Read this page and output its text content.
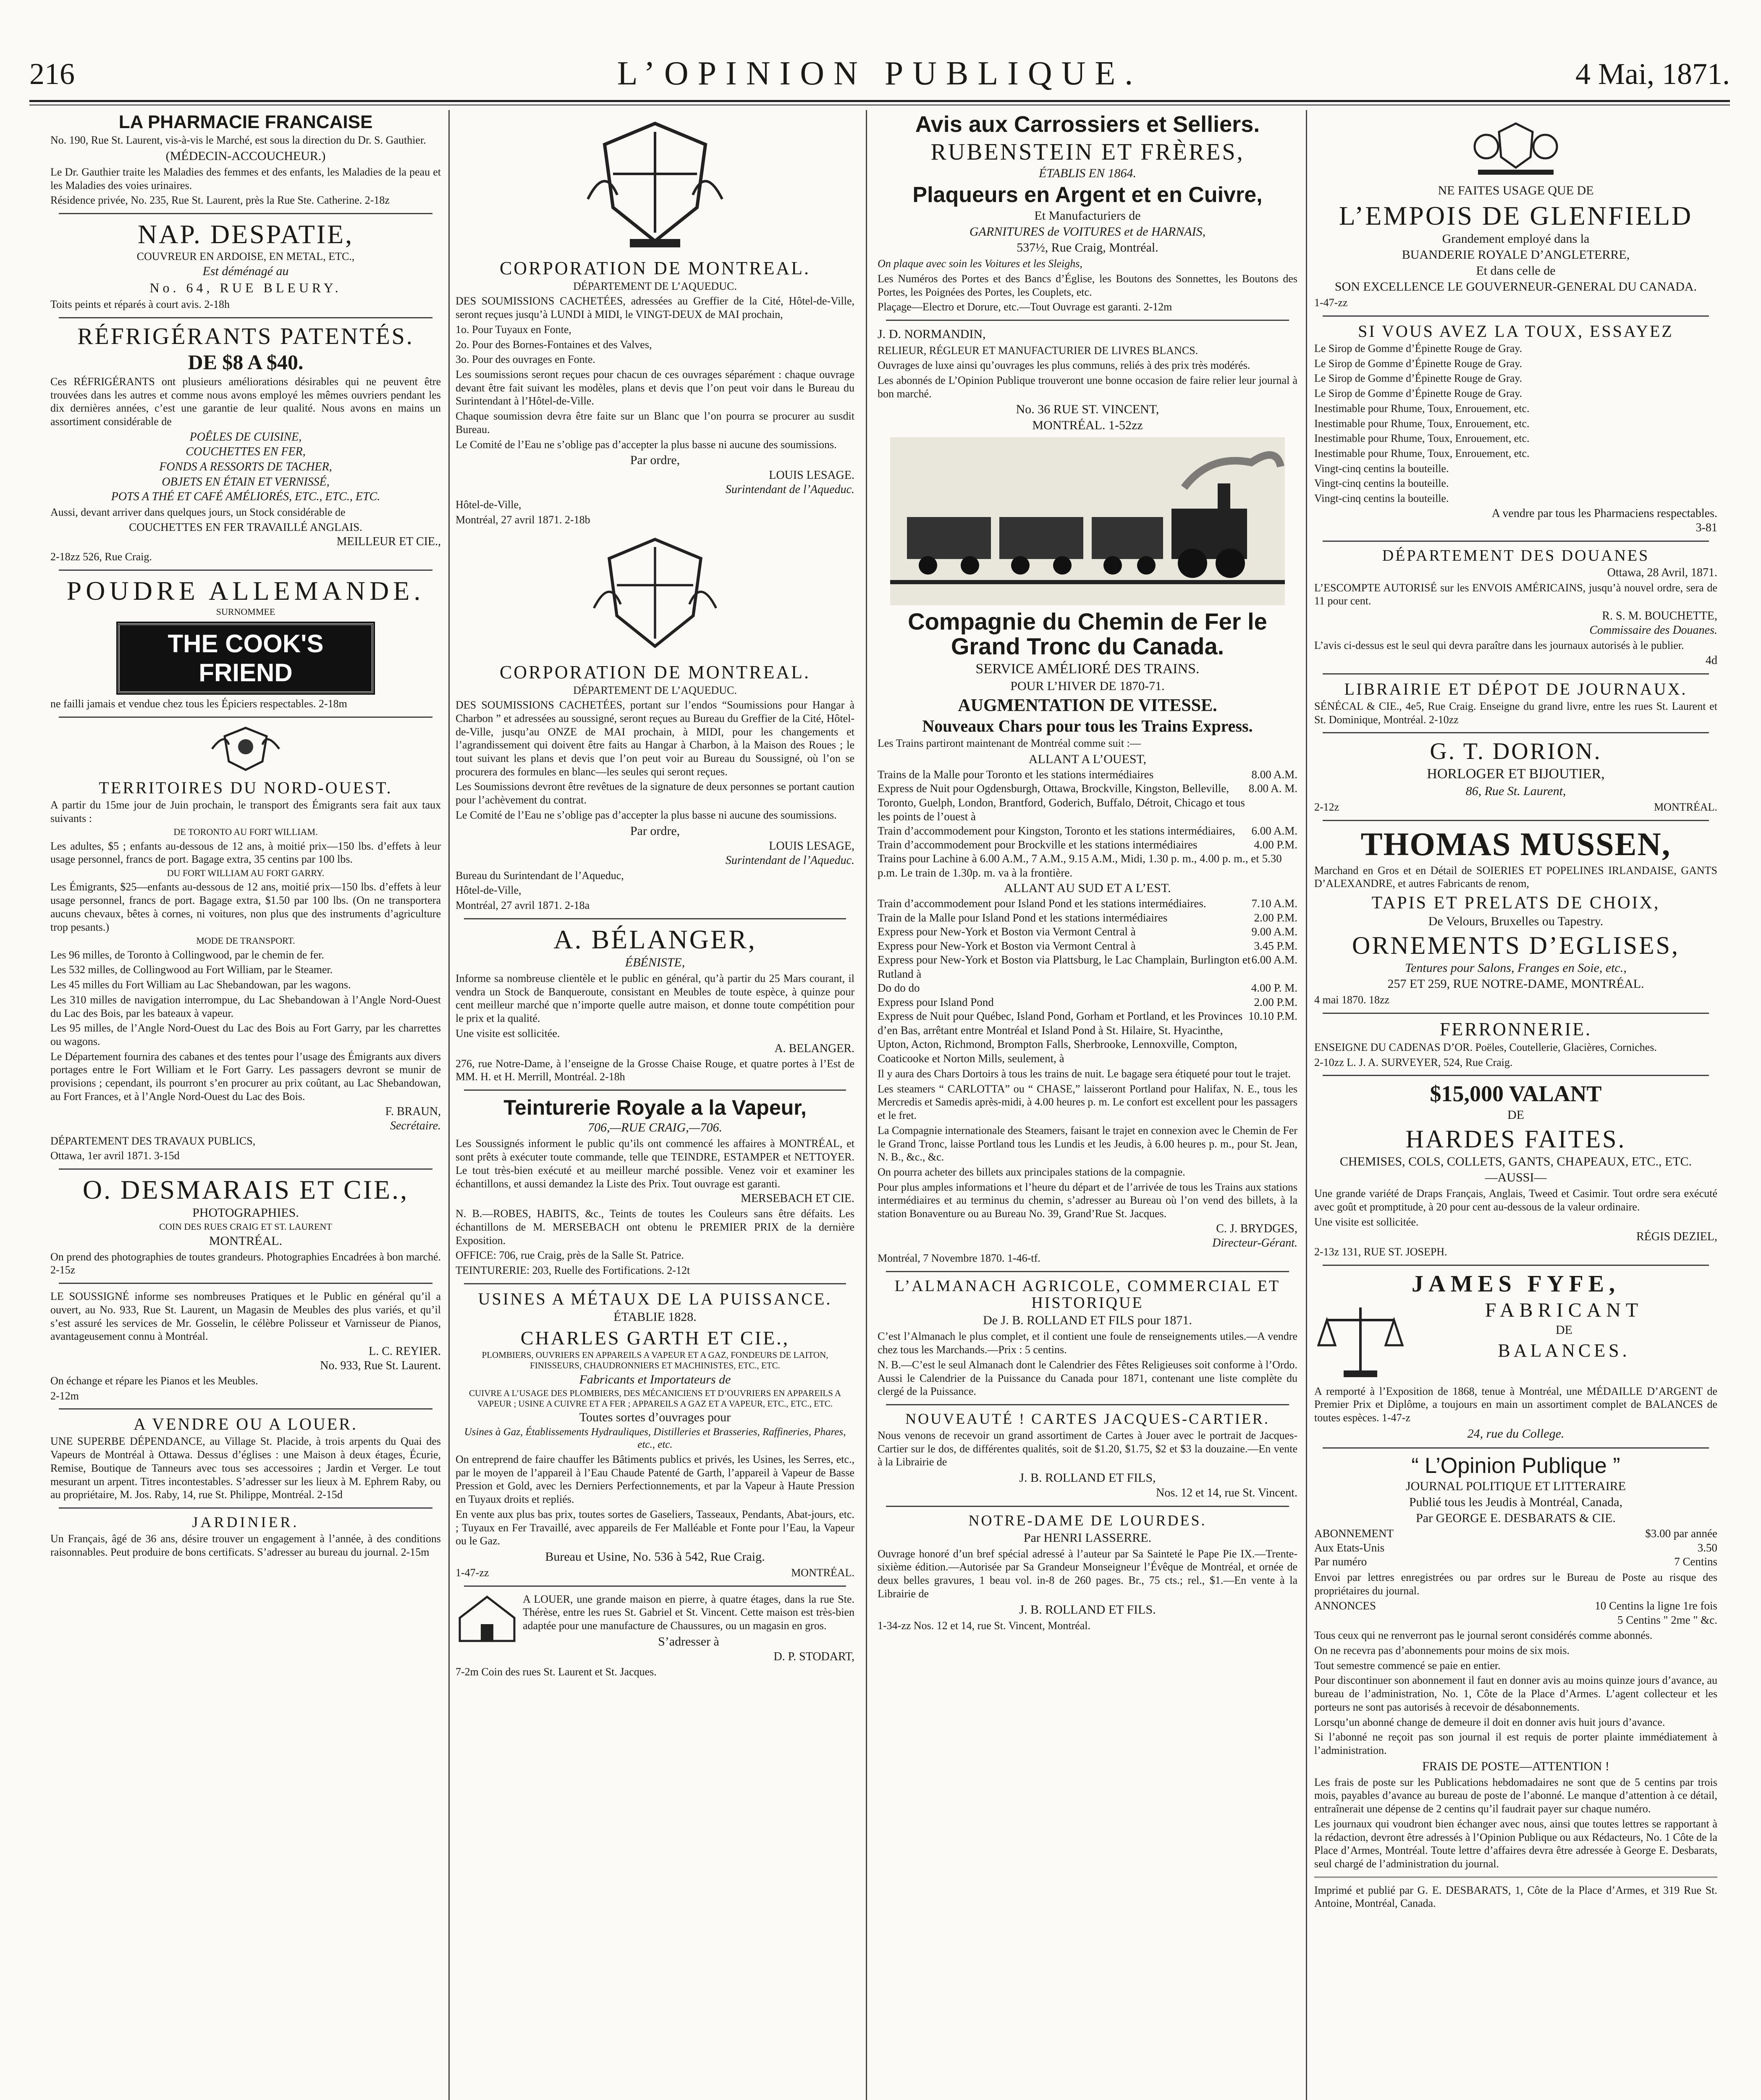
216	L’OPINION PUBLIQUE.	4 Mai, 1871.
LA PHARMACIE FRANCAISE
No. 190, Rue St. Laurent, vis-à-vis le Marché, est sous la direction du Dr. S. Gauthier.
(MÉDECIN-ACCOUCHEUR.)
Le Dr. Gauthier traite les Maladies des femmes et des enfants, les Maladies de la peau et les Maladies des voies urinaires.
Résidence privée, No. 235, Rue St. Laurent, près la Rue Ste. Catherine. 2-18z
NAP. DESPATIE,
COUVREUR EN ARDOISE, EN METAL, ETC.,
Est déménagé au
No. 64, RUE BLEURY.
Toits peints et réparés à court avis. 2-18h
RÉFRIGÉRANTS PATENTÉS.
DE $8 A $40.
Ces RÉFRIGÉRANTS ont plusieurs améliorations désirables qui ne peuvent être trouvées dans les autres et comme nous avons employé les mêmes ouvriers pendant les dix dernières années, c’est une garantie de leur qualité. Nous avons en mains un assortiment considérable de
POÊLES DE CUISINE,
COUCHETTES EN FER,
FONDS A RESSORTS DE TACHER,
OBJETS EN ÉTAIN ET VERNISSÉ,
POTS A THÉ ET CAFÉ AMÉLIORÉS, ETC., ETC., ETC.
Aussi, devant arriver dans quelques jours, un Stock considérable de
COUCHETTES EN FER TRAVAILLÉ ANGLAIS.
MEILLEUR ET CIE.,
2-18zz 526, Rue Craig.
POUDRE ALLEMANDE.
SURNOMMEE
THE COOK'S FRIEND
ne failli jamais et vendue chez tous les Épiciers respectables. 2-18m
TERRITOIRES DU NORD-OUEST.
A partir du 15me jour de Juin prochain, le transport des Émigrants sera fait aux taux suivants :
DE TORONTO AU FORT WILLIAM.
Les adultes, $5 ; enfants au-dessous de 12 ans, à moitié prix—150 lbs. d’effets à leur usage personnel, francs de port. Bagage extra, 35 centins par 100 lbs.
DU FORT WILLIAM AU FORT GARRY.
Les Émigrants, $25—enfants au-dessous de 12 ans, moitié prix—150 lbs. d’effets à leur usage personnel, francs de port. Bagage extra, $1.50 par 100 lbs. (On ne transportera aucuns chevaux, bêtes à cornes, ni voitures, non plus que des instruments d’agriculture trop pesants.)
MODE DE TRANSPORT.
Les 96 milles, de Toronto à Collingwood, par le chemin de fer.
Les 532 milles, de Collingwood au Fort William, par le Steamer.
Les 45 milles du Fort William au Lac Shebandowan, par les wagons.
Les 310 milles de navigation interrompue, du Lac Shebandowan à l’Angle Nord-Ouest du Lac des Bois, par les bateaux à vapeur.
Les 95 milles, de l’Angle Nord-Ouest du Lac des Bois au Fort Garry, par les charrettes ou wagons.
Le Département fournira des cabanes et des tentes pour l’usage des Émigrants aux divers portages entre le Fort William et le Fort Garry. Les passagers devront se munir de provisions ; cependant, ils pourront s’en procurer au prix coûtant, au Lac Shebandowan, au Fort Frances, et à l’Angle Nord-Ouest du Lac des Bois.
F. BRAUN,
Secrétaire.
DÉPARTEMENT DES TRAVAUX PUBLICS,
Ottawa, 1er avril 1871. 3-15d
O. DESMARAIS ET CIE.,
PHOTOGRAPHIES.
COIN DES RUES CRAIG ET ST. LAURENT
MONTRÉAL.
On prend des photographies de toutes grandeurs. Photographies Encadrées à bon marché. 2-15z
LE SOUSSIGNÉ informe ses nombreuses Pratiques et le Public en général qu’il a ouvert, au No. 933, Rue St. Laurent, un Magasin de Meubles des plus variés, et qu’il s’est assuré les services de Mr. Gosselin, le célèbre Polisseur et Varnisseur de Pianos, avantageusement connu à Montréal.
L. C. REYIER.
No. 933, Rue St. Laurent.
On échange et répare les Pianos et les Meubles.
2-12m
A VENDRE OU A LOUER.
UNE SUPERBE DÉPENDANCE, au Village St. Placide, à trois arpents du Quai des Vapeurs de Montréal à Ottawa. Dessus d’églises : une Maison à deux étages, Écurie, Remise, Boutique de Tanneurs avec tous ses accessoires ; Jardin et Verger. Le tout mesurant un arpent. Titres incontestables. S’adresser sur les lieux à M. Ephrem Raby, ou au propriétaire, M. Jos. Raby, 14, rue St. Philippe, Montréal. 2-15d
JARDINIER.
Un Français, âgé de 36 ans, désire trouver un engagement à l’année, à des conditions raisonnables. Peut produire de bons certificats. S’adresser au bureau du journal. 2-15m
CORPORATION DE MONTREAL.
DÉPARTEMENT DE L’AQUEDUC.
DES SOUMISSIONS CACHETÉES, adressées au Greffier de la Cité, Hôtel-de-Ville, seront reçues jusqu’à LUNDI à MIDI, le VINGT-DEUX de MAI prochain,
1o. Pour Tuyaux en Fonte,
2o. Pour des Bornes-Fontaines et des Valves,
3o. Pour des ouvrages en Fonte.
Les soumissions seront reçues pour chacun de ces ouvrages séparément : chaque ouvrage devant être fait suivant les modèles, plans et devis que l’on peut voir dans le Bureau du Surintendant à l’Hôtel-de-Ville.
Chaque soumission devra être faite sur un Blanc que l’on pourra se procurer au susdit Bureau.
Le Comité de l’Eau ne s’oblige pas d’accepter la plus basse ni aucune des soumissions.
Par ordre,
LOUIS LESAGE.
Surintendant de l’Aqueduc.
Hôtel-de-Ville,
Montréal, 27 avril 1871. 2-18b
CORPORATION DE MONTREAL.
DÉPARTEMENT DE L’AQUEDUC.
DES SOUMISSIONS CACHETÉES, portant sur l’endos “Soumissions pour Hangar à Charbon ” et adressées au soussigné, seront reçues au Bureau du Greffier de la Cité, Hôtel-de-Ville, jusqu’au ONZE de MAI prochain, à MIDI, pour les changements et l’agrandissement qui doivent être faits au Hangar à Charbon, à la Maison des Roues ; le tout suivant les plans et devis que l’on peut voir au Bureau du Soussigné, où l’on se procurera des formules en blanc—les seules qui seront reçues.
Les Soumissions devront être revêtues de la signature de deux personnes se portant caution pour l’achèvement du contrat.
Le Comité de l’Eau ne s’oblige pas d’accepter la plus basse ni aucune des soumissions.
Par ordre,
LOUIS LESAGE,
Surintendant de l’Aqueduc.
Bureau du Surintendant de l’Aqueduc,
Hôtel-de-Ville,
Montréal, 27 avril 1871. 2-18a
A. BÉLANGER,
ÉBÉNISTE,
Informe sa nombreuse clientèle et le public en général, qu’à partir du 25 Mars courant, il vendra un Stock de Banqueroute, consistant en Meubles de toute espèce, à quinze pour cent meilleur marché que n’importe quelle autre maison, et donne toute compétition pour le prix et la qualité.
Une visite est sollicitée.
A. BELANGER.
276, rue Notre-Dame, à l’enseigne de la Grosse Chaise Rouge, et quatre portes à l’Est de MM. H. et H. Merrill, Montréal. 2-18h
Teinturerie Royale a la Vapeur,
706,—RUE CRAIG,—706.
Les Soussignés informent le public qu’ils ont commencé les affaires à MONTRÉAL, et sont prêts à exécuter toute commande, telle que TEINDRE, ESTAMPER et NETTOYER. Le tout très-bien exécuté et au meilleur marché possible. Venez voir et examiner les échantillons, et aussi demandez la Liste des Prix. Tout ouvrage est garanti.
MERSEBACH ET CIE.
N. B.—ROBES, HABITS, &c., Teints de toutes les Couleurs sans être défaits. Les échantillons de M. MERSEBACH ont obtenu le PREMIER PRIX de la dernière Exposition.
OFFICE: 706, rue Craig, près de la Salle St. Patrice.
TEINTURERIE: 203, Ruelle des Fortifications. 2-12t
USINES A MÉTAUX DE LA PUISSANCE.
ÉTABLIE 1828.
CHARLES GARTH ET CIE.,
PLOMBIERS, OUVRIERS EN APPAREILS A VAPEUR ET A GAZ, FONDEURS DE LAITON, FINISSEURS, CHAUDRONNIERS ET MACHINISTES, ETC., ETC.
Fabricants et Importateurs de
CUIVRE A L’USAGE DES PLOMBIERS, DES MÉCANICIENS ET D’OUVRIERS EN APPAREILS A VAPEUR ; USINE A CUIVRE ET A FER ; APPAREILS A GAZ ET A VAPEUR, ETC., ETC., ETC.
Toutes sortes d’ouvrages pour
Usines à Gaz, Établissements Hydrauliques, Distilleries et Brasseries, Raffineries, Phares, etc., etc.
On entreprend de faire chauffer les Bâtiments publics et privés, les Usines, les Serres, etc., par le moyen de l’appareil à l’Eau Chaude Patenté de Garth, l’appareil à Vapeur de Basse Pression et Gold, avec les Derniers Perfectionnements, et par la Vapeur à Haute Pression en Tuyaux droits et repliés.
En vente aux plus bas prix, toutes sortes de Gaseliers, Tasseaux, Pendants, Abat-jours, etc. ; Tuyaux en Fer Travaillé, avec appareils de Fer Malléable et Fonte pour l’Eau, la Vapeur ou le Gaz.
Bureau et Usine, No. 536 à 542, Rue Craig.
1-47-zz	MONTRÉAL.
A LOUER, une grande maison en pierre, à quatre étages, dans la rue Ste. Thérèse, entre les rues St. Gabriel et St. Vincent. Cette maison est très-bien adaptée pour une manufacture de Chaussures, ou un magasin en gros.
S’adresser à
D. P. STODART,
7-2m Coin des rues St. Laurent et St. Jacques.
Avis aux Carrossiers et Selliers.
RUBENSTEIN ET FRÈRES,
ÉTABLIS EN 1864.
Plaqueurs en Argent et en Cuivre,
Et Manufacturiers de
GARNITURES de VOITURES et de HARNAIS,
537½, Rue Craig, Montréal.
On plaque avec soin les Voitures et les Sleighs,
Les Numéros des Portes et des Bancs d’Église, les Boutons des Sonnettes, les Boutons des Portes, les Poignées des Portes, les Couplets, etc.
Plaçage—Electro et Dorure, etc.—Tout Ouvrage est garanti. 2-12m
J. D. NORMANDIN,
RELIEUR, RÉGLEUR ET MANUFACTURIER DE LIVRES BLANCS.
Ouvrages de luxe ainsi qu’ouvrages les plus communs, reliés à des prix très modérés.
Les abonnés de L’Opinion Publique trouveront une bonne occasion de faire relier leur journal à bon marché.
No. 36 RUE ST. VINCENT,
MONTRÉAL. 1-52zz
Compagnie du Chemin de Fer le Grand Tronc du Canada.
SERVICE AMÉLIORÉ DES TRAINS.
POUR L’HIVER DE 1870-71.
AUGMENTATION DE VITESSE.
Nouveaux Chars pour tous les Trains Express.
Les Trains partiront maintenant de Montréal comme suit :—
ALLANT A L’OUEST,
Trains de la Malle pour Toronto et les stations intermédiaires	8.00 A.M.
Express de Nuit pour Ogdensburgh, Ottawa, Brockville, Kingston, Belleville, Toronto, Guelph, London, Brantford, Goderich, Buffalo, Détroit, Chicago et tous les points de l’ouest à
8.00 A. M.
Train d’accommodement pour Kingston, Toronto et les stations intermédiaires,	6.00 A.M.
Train d’accommodement pour Brockville et les stations intermédiaires	4.00 P.M.
Trains pour Lachine à 6.00 A.M., 7 A.M., 9.15 A.M., Midi, 1.30 p. m., 4.00 p. m., et 5.30 p.m. Le train de 1.30p. m. va à la frontière.
ALLANT AU SUD ET A L’EST.
Train d’accommodement pour Island Pond et les stations intermédiaires.	7.10 A.M.
Train de la Malle pour Island Pond et les stations intermédiaires	2.00 P.M.
Express pour New-York et Boston via Vermont Central à	9.00 A.M.
Express pour New-York et Boston via Vermont Central à	3.45 P.M.
Express pour New-York et Boston via Plattsburg, le Lac Champlain, Burlington et Rutland à
6.00 A.M.
Do do do	4.00 P. M.
Express pour Island Pond	2.00 P.M.
Express de Nuit pour Québec, Island Pond, Gorham et Portland, et les Provinces d’en Bas, arrêtant entre Montréal et Island Pond à St. Hilaire, St. Hyacinthe, Upton, Acton, Richmond, Brompton Falls, Sherbrooke, Lennoxville, Compton, Coaticooke et Norton Mills, seulement, à
10.10 P.M.
Il y aura des Chars Dortoirs à tous les trains de nuit. Le bagage sera étiqueté pour tout le trajet.
Les steamers “ CARLOTTA” ou “ CHASE,” laisseront Portland pour Halifax, N. E., tous les Mercredis et Samedis après-midi, à 4.00 heures p. m. Le confort est excellent pour les passagers et le fret.
La Compagnie internationale des Steamers, faisant le trajet en connexion avec le Chemin de Fer le Grand Tronc, laisse Portland tous les Lundis et les Jeudis, à 6.00 heures p. m., pour St. Jean, N. B., &c., &c.
On pourra acheter des billets aux principales stations de la compagnie.
Pour plus amples informations et l’heure du départ et de l’arrivée de tous les Trains aux stations intermédiaires et au terminus du chemin, s’adresser au Bureau où l’on vend des billets, à la station Bonaventure ou au Bureau No. 39, Grand’Rue St. Jacques.
C. J. BRYDGES,
Directeur-Gérant.
Montréal, 7 Novembre 1870. 1-46-tf.
L’ALMANACH AGRICOLE, COMMERCIAL ET HISTORIQUE
De J. B. ROLLAND ET FILS pour 1871.
C’est l’Almanach le plus complet, et il contient une foule de renseignements utiles.—A vendre chez tous les Marchands.—Prix : 5 centins.
N. B.—C’est le seul Almanach dont le Calendrier des Fêtes Religieuses soit conforme à l’Ordo. Aussi le Calendrier de la Puissance du Canada pour 1871, contenant une liste complète du clergé de la Puissance.
NOUVEAUTÉ ! CARTES JACQUES-CARTIER.
Nous venons de recevoir un grand assortiment de Cartes à Jouer avec le portrait de Jacques-Cartier sur le dos, de différentes qualités, soit de $1.20, $1.75, $2 et $3 la douzaine.—En vente à la Librairie de
J. B. ROLLAND ET FILS,
Nos. 12 et 14, rue St. Vincent.
NOTRE-DAME DE LOURDES.
Par HENRI LASSERRE.
Ouvrage honoré d’un bref spécial adressé à l’auteur par Sa Sainteté le Pape Pie IX.—Trente-sixième édition.—Autorisée par Sa Grandeur Monseigneur l’Évêque de Montréal, et ornée de deux belles gravures, 1 beau vol. in-8 de 260 pages. Br., 75 cts.; rel., $1.—En vente à la Librairie de
J. B. ROLLAND ET FILS.
1-34-zz Nos. 12 et 14, rue St. Vincent, Montréal.
NE FAITES USAGE QUE DE
L’EMPOIS DE GLENFIELD
Grandement employé dans la
BUANDERIE ROYALE D’ANGLETERRE,
Et dans celle de
SON EXCELLENCE LE GOUVERNEUR-GENERAL DU CANADA.
1-47-zz
SI VOUS AVEZ LA TOUX, ESSAYEZ
Le Sirop de Gomme d’Épinette Rouge de Gray.
Le Sirop de Gomme d’Épinette Rouge de Gray.
Le Sirop de Gomme d’Épinette Rouge de Gray.
Le Sirop de Gomme d’Épinette Rouge de Gray.
Inestimable pour Rhume, Toux, Enrouement, etc.
Inestimable pour Rhume, Toux, Enrouement, etc.
Inestimable pour Rhume, Toux, Enrouement, etc.
Inestimable pour Rhume, Toux, Enrouement, etc.
Vingt-cinq centins la bouteille.
Vingt-cinq centins la bouteille.
Vingt-cinq centins la bouteille.
A vendre par tous les Pharmaciens respectables.
3-81
DÉPARTEMENT DES DOUANES
Ottawa, 28 Avril, 1871.
L’ESCOMPTE AUTORISÉ sur les ENVOIS AMÉRICAINS, jusqu’à nouvel ordre, sera de 11 pour cent.
R. S. M. BOUCHETTE,
Commissaire des Douanes.
L’avis ci-dessus est le seul qui devra paraître dans les journaux autorisés à le publier.
4d
LIBRAIRIE ET DÉPOT DE JOURNAUX.
SÉNÉCAL & CIE., 4e5, Rue Craig. Enseigne du grand livre, entre les rues St. Laurent et St. Dominique, Montréal. 2-10zz
G. T. DORION.
HORLOGER ET BIJOUTIER,
86, Rue St. Laurent,
2-12z	MONTRÉAL.
THOMAS MUSSEN,
Marchand en Gros et en Détail de SOIERIES ET POPELINES IRLANDAISE, GANTS D’ALEXANDRE, et autres Fabricants de renom,
TAPIS ET PRELATS DE CHOIX,
De Velours, Bruxelles ou Tapestry.
ORNEMENTS D’EGLISES,
Tentures pour Salons, Franges en Soie, etc.,
257 ET 259, RUE NOTRE-DAME, MONTRÉAL.
4 mai 1870. 18zz
FERRONNERIE.
ENSEIGNE DU CADENAS D’OR. Poëles, Coutellerie, Glacières, Corniches.
2-10zz L. J. A. SURVEYER, 524, Rue Craig.
$15,000 VALANT
DE
HARDES FAITES.
CHEMISES, COLS, COLLETS, GANTS, CHAPEAUX, ETC., ETC.
—AUSSI—
Une grande variété de Draps Français, Anglais, Tweed et Casimir. Tout ordre sera exécuté avec goût et promptitude, à 20 pour cent au-dessous de la valeur ordinaire.
Une visite est sollicitée.
RÉGIS DEZIEL,
2-13z 131, RUE ST. JOSEPH.
JAMES FYFE,
FABRICANT
DE
BALANCES.
A remporté à l’Exposition de 1868, tenue à Montréal, une MÉDAILLE D’ARGENT de Premier Prix et Diplôme, a toujours en main un assortiment complet de BALANCES de toutes espèces. 1-47-z
24, rue du College.
“ L’Opinion Publique ”
JOURNAL POLITIQUE ET LITTERAIRE
Publié tous les Jeudis à Montréal, Canada,
Par GEORGE E. DESBARATS & CIE.
ABONNEMENT	$3.00 par année
Aux Etats-Unis	3.50
Par numéro	7 Centins
Envoi par lettres enregistrées ou par ordres sur le Bureau de Poste au risque des propriétaires du journal.
ANNONCES	10 Centins la ligne 1re fois
5 Centins " 2me " &c.
Tous ceux qui ne renverront pas le journal seront considérés comme abonnés.
On ne recevra pas d’abonnements pour moins de six mois.
Tout semestre commencé se paie en entier.
Pour discontinuer son abonnement il faut en donner avis au moins quinze jours d’avance, au bureau de l’administration, No. 1, Côte de la Place d’Armes. L’agent collecteur et les porteurs ne sont pas autorisés à recevoir de désabonnements.
Lorsqu’un abonné change de demeure il doit en donner avis huit jours d’avance.
Si l’abonné ne reçoit pas son journal il est requis de porter plainte immédiatement à l’administration.
FRAIS DE POSTE—ATTENTION !
Les frais de poste sur les Publications hebdomadaires ne sont que de 5 centins par trois mois, payables d’avance au bureau de poste de l’abonné. Le manque d’attention à ce détail, entraînerait une dépense de 2 centins qu’il faudrait payer sur chaque numéro.
Les journaux qui voudront bien échanger avec nous, ainsi que toutes lettres se rapportant à la rédaction, devront être adressés à l’Opinion Publique ou aux Rédacteurs, No. 1 Côte de la Place d’Armes, Montréal. Toute lettre d’affaires devra être adressée à George E. Desbarats, seul chargé de l’administration du journal.
Imprimé et publié par G. E. DESBARATS, 1, Côte de la Place d’Armes, et 319 Rue St. Antoine, Montréal, Canada.
